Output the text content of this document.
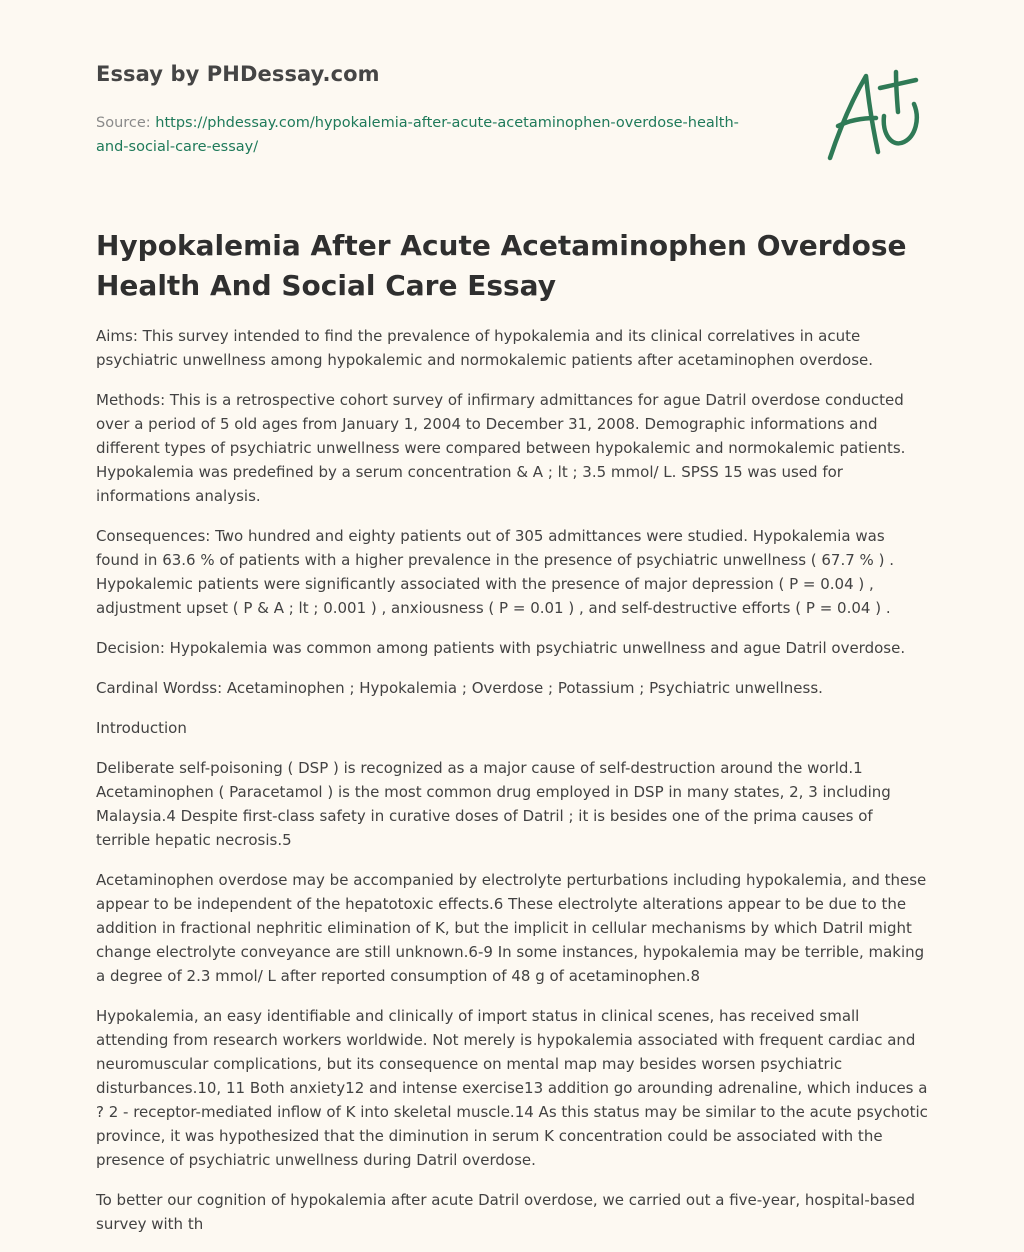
Essay by PHDessay.com
Source: https://phdessay.com/hypokalemia-after-acute-acetaminophen-overdose-health-
and-social-care-essay/
Hypokalemia After Acute Acetaminophen Overdose
Health And Social Care Essay

Aims: This survey intended to find the prevalence of hypokalemia and its clinical correlatives in acute psychiatric unwellness among hypokalemic and normokalemic patients after acetaminophen overdose.

Methods: This is a retrospective cohort survey of infirmary admittances for ague Datril overdose conducted over a period of 5 old ages from January 1, 2004 to December 31, 2008. Demographic informations and different types of psychiatric unwellness were compared between hypokalemic and normokalemic patients. Hypokalemia was predefined by a serum concentration & A ; lt ; 3.5 mmol/ L. SPSS 15 was used for informations analysis.

Consequences: Two hundred and eighty patients out of 305 admittances were studied. Hypokalemia was found in 63.6 % of patients with a higher prevalence in the presence of psychiatric unwellness ( 67.7 % ) . Hypokalemic patients were significantly associated with the presence of major depression ( P = 0.04 ) , adjustment upset ( P & A ; lt ; 0.001 ) , anxiousness ( P = 0.01 ) , and self-destructive efforts ( P = 0.04 ) .

Decision: Hypokalemia was common among patients with psychiatric unwellness and ague Datril overdose.

Cardinal Wordss: Acetaminophen ; Hypokalemia ; Overdose ; Potassium ; Psychiatric unwellness.

Introduction

Deliberate self-poisoning ( DSP ) is recognized as a major cause of self-destruction around the world.1 Acetaminophen ( Paracetamol ) is the most common drug employed in DSP in many states, 2, 3 including Malaysia.4 Despite first-class safety in curative doses of Datril ; it is besides one of the prima causes of terrible hepatic necrosis.5

Acetaminophen overdose may be accompanied by electrolyte perturbations including hypokalemia, and these appear to be independent of the hepatotoxic effects.6 These electrolyte alterations appear to be due to the addition in fractional nephritic elimination of K, but the implicit in cellular mechanisms by which Datril might change electrolyte conveyance are still unknown.6-9 In some instances, hypokalemia may be terrible, making a degree of 2.3 mmol/ L after reported consumption of 48 g of acetaminophen.8

Hypokalemia, an easy identifiable and clinically of import status in clinical scenes, has received small attending from research workers worldwide. Not merely is hypokalemia associated with frequent cardiac and neuromuscular complications, but its consequence on mental map may besides worsen psychiatric disturbances.10, 11 Both anxiety12 and intense exercise13 addition go arounding adrenaline, which induces a ? 2 - receptor-mediated inflow of K into skeletal muscle.14 As this status may be similar to the acute psychotic province, it was hypothesized that the diminution in serum K concentration could be associated with the presence of psychiatric unwellness during Datril overdose.

To better our cognition of hypokalemia after acute Datril overdose, we carried out a five-year, hospital-based survey with th
